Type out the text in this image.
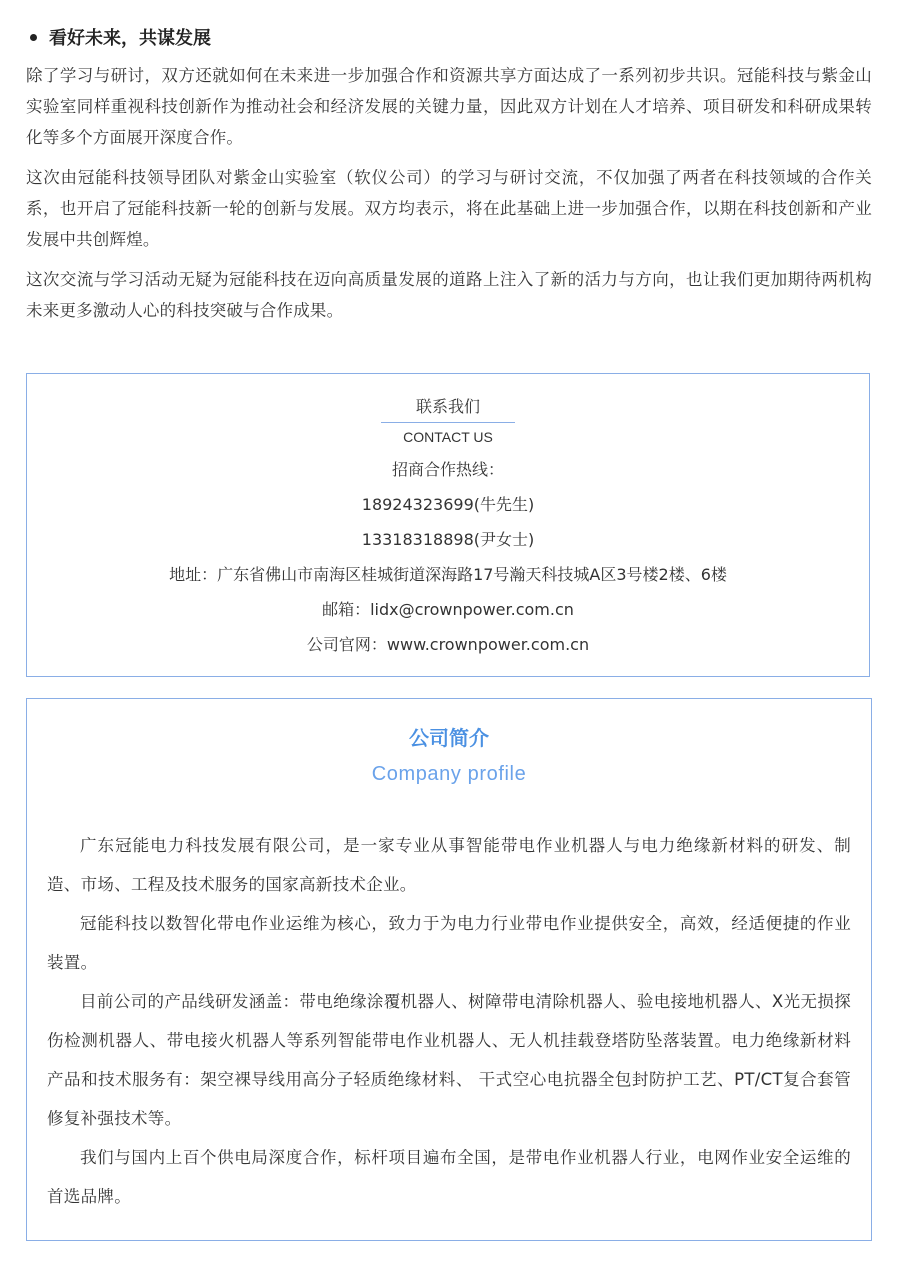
看好未来，共谋发展

除了学习与研讨，双方还就如何在未来进一步加强合作和资源共享方面达成了一系列初步共识。冠能科技与紫金山实验室同样重视科技创新作为推动社会和经济发展的关键力量，因此双方计划在人才培养、项目研发和科研成果转化等多个方面展开深度合作。

这次由冠能科技领导团队对紫金山实验室（软仪公司）的学习与研讨交流，不仅加强了两者在科技领域的合作关系，也开启了冠能科技新一轮的创新与发展。双方均表示，将在此基础上进一步加强合作，以期在科技创新和产业发展中共创辉煌。

这次交流与学习活动无疑为冠能科技在迈向高质量发展的道路上注入了新的活力与方向，也让我们更加期待两机构未来更多激动人心的科技突破与合作成果。

联系我们
CONTACT US
招商合作热线：
18924323699(牛先生)
13318318898(尹女士)
地址：广东省佛山市南海区桂城街道深海路17号瀚天科技城A区3号楼2楼、6楼
邮箱：lidx@crownpower.com.cn
公司官网：www.crownpower.com.cn
公司简介
Company profile

广东冠能电力科技发展有限公司，是一家专业从事智能带电作业机器人与电力绝缘新材料的研发、制造、市场、工程及技术服务的国家高新技术企业。

冠能科技以数智化带电作业运维为核心，致力于为电力行业带电作业提供安全，高效，经适便捷的作业装置。

目前公司的产品线研发涵盖：带电绝缘涂覆机器人、树障带电清除机器人、验电接地机器人、X光无损探伤检测机器人、带电接火机器人等系列智能带电作业机器人、无人机挂载登塔防坠落装置。电力绝缘新材料产品和技术服务有：架空裸导线用高分子轻质绝缘材料、 干式空心电抗器全包封防护工艺、PT/CT复合套管修复补强技术等。

我们与国内上百个供电局深度合作，标杆项目遍布全国，是带电作业机器人行业，电网作业安全运维的首选品牌。
